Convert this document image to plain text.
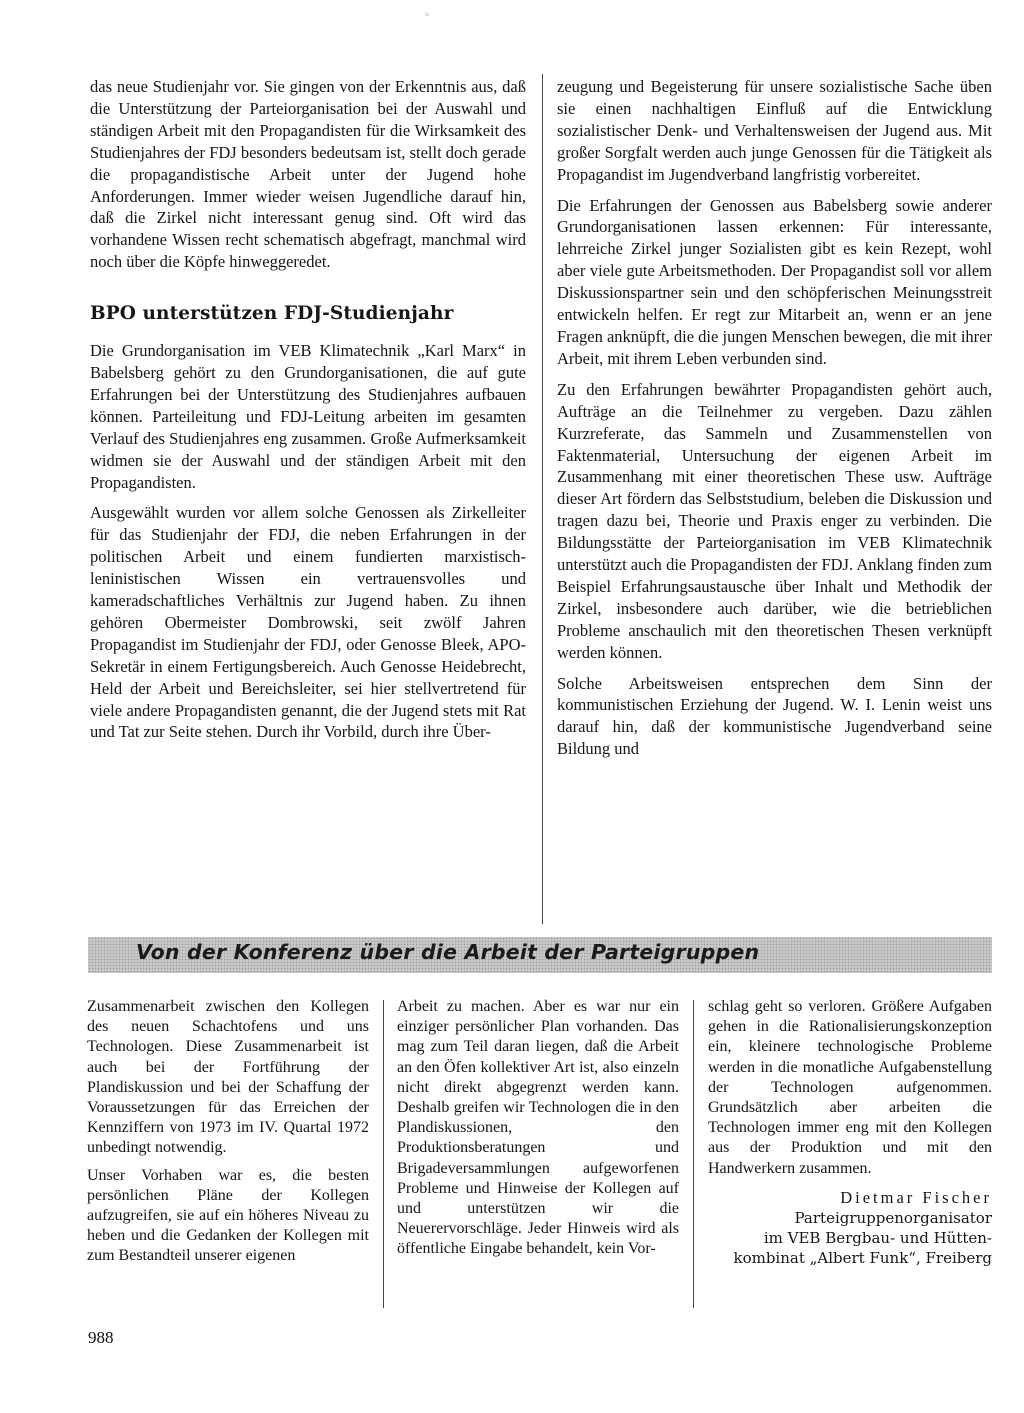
◦

das neue Studienjahr vor. Sie gingen von der Erkenntnis aus, daß die Unterstützung der Parteiorganisation bei der Auswahl und ständigen Arbeit mit den Propagandisten für die Wirksamkeit des Studienjahres der FDJ besonders bedeutsam ist, stellt doch gerade die propagandistische Arbeit unter der Jugend hohe Anforderungen. Immer wieder weisen Jugendliche darauf hin, daß die Zirkel nicht interessant genug sind. Oft wird das vorhandene Wissen recht schematisch abgefragt, manchmal wird noch über die Köpfe hinweggeredet.

BPO unterstützen FDJ-Studienjahr

Die Grundorganisation im VEB Klimatechnik „Karl Marx“ in Babelsberg gehört zu den Grundorganisationen, die auf gute Erfahrungen bei der Unterstützung des Studienjahres aufbauen können. Parteileitung und FDJ-Leitung arbeiten im gesamten Verlauf des Studienjahres eng zusammen. Große Aufmerksamkeit widmen sie der Auswahl und der ständigen Arbeit mit den Propagandisten.

Ausgewählt wurden vor allem solche Genossen als Zirkelleiter für das Studienjahr der FDJ, die neben Erfahrungen in der politischen Arbeit und einem fundierten marxistisch-leninistischen Wissen ein vertrauensvolles und kameradschaftliches Verhältnis zur Jugend haben. Zu ihnen gehören Obermeister Dombrowski, seit zwölf Jahren Propagandist im Studienjahr der FDJ, oder Genosse Bleek, APO-Sekretär in einem Fertigungsbereich. Auch Genosse Heidebrecht, Held der Arbeit und Bereichsleiter, sei hier stellvertretend für viele andere Propagandisten genannt, die der Jugend stets mit Rat und Tat zur Seite stehen. Durch ihr Vorbild, durch ihre Über-

zeugung und Begeisterung für unsere sozialistische Sache üben sie einen nachhaltigen Einfluß auf die Entwicklung sozialistischer Denk- und Verhaltensweisen der Jugend aus. Mit großer Sorgfalt werden auch junge Genossen für die Tätigkeit als Propagandist im Jugendverband langfristig vorbereitet.

Die Erfahrungen der Genossen aus Babelsberg sowie anderer Grundorganisationen lassen erkennen: Für interessante, lehrreiche Zirkel junger Sozialisten gibt es kein Rezept, wohl aber viele gute Arbeitsmethoden. Der Propagandist soll vor allem Diskussionspartner sein und den schöpferischen Meinungsstreit entwickeln helfen. Er regt zur Mitarbeit an, wenn er an jene Fragen anknüpft, die die jungen Menschen bewegen, die mit ihrer Arbeit, mit ihrem Leben verbunden sind.

Zu den Erfahrungen bewährter Propagandisten gehört auch, Aufträge an die Teilnehmer zu vergeben. Dazu zählen Kurzreferate, das Sammeln und Zusammenstellen von Faktenmaterial, Untersuchung der eigenen Arbeit im Zusammenhang mit einer theoretischen These usw. Aufträge dieser Art fördern das Selbststudium, beleben die Diskussion und tragen dazu bei, Theorie und Praxis enger zu verbinden. Die Bildungsstätte der Parteiorganisation im VEB Klimatechnik unterstützt auch die Propagandisten der FDJ. Anklang finden zum Beispiel Erfahrungsaustausche über Inhalt und Methodik der Zirkel, insbesondere auch darüber, wie die betrieblichen Probleme anschaulich mit den theoretischen Thesen verknüpft werden können.

Solche Arbeitsweisen entsprechen dem Sinn der kommunistischen Erziehung der Jugend. W. I. Lenin weist uns darauf hin, daß der kommunistische Jugendverband seine Bildung und

Von der Konferenz über die Arbeit der Parteigruppen

Zusammenarbeit zwischen den Kollegen des neuen Schachtofens und uns Technologen. Diese Zusammenarbeit ist auch bei der Fortführung der Plandiskussion und bei der Schaffung der Voraussetzungen für das Erreichen der Kennziffern von 1973 im IV. Quartal 1972 unbedingt notwendig.

Unser Vorhaben war es, die besten persönlichen Pläne der Kollegen aufzugreifen, sie auf ein höheres Niveau zu heben und die Gedanken der Kollegen mit zum Bestandteil unserer eigenen

Arbeit zu machen. Aber es war nur ein einziger persönlicher Plan vorhanden. Das mag zum Teil daran liegen, daß die Arbeit an den Öfen kollektiver Art ist, also einzeln nicht direkt abgegrenzt werden kann. Deshalb greifen wir Technologen die in den Plandiskussionen, den Produktionsberatungen und Brigadeversammlungen aufgeworfenen Probleme und Hinweise der Kollegen auf und unterstützen wir die Neuerervorschläge. Jeder Hinweis wird als öffentliche Eingabe behandelt, kein Vor-

schlag geht so verloren. Größere Aufgaben gehen in die Rationalisierungskonzeption ein, kleinere technologische Probleme werden in die monatliche Aufgabenstellung der Technologen aufgenommen. Grundsätzlich aber arbeiten die Technologen immer eng mit den Kollegen aus der Produktion und mit den Handwerkern zusammen.

Dietmar Fischer
Parteigruppenorganisator
im VEB Bergbau- und Hütten-
kombinat „Albert Funk“, Freiberg
988
